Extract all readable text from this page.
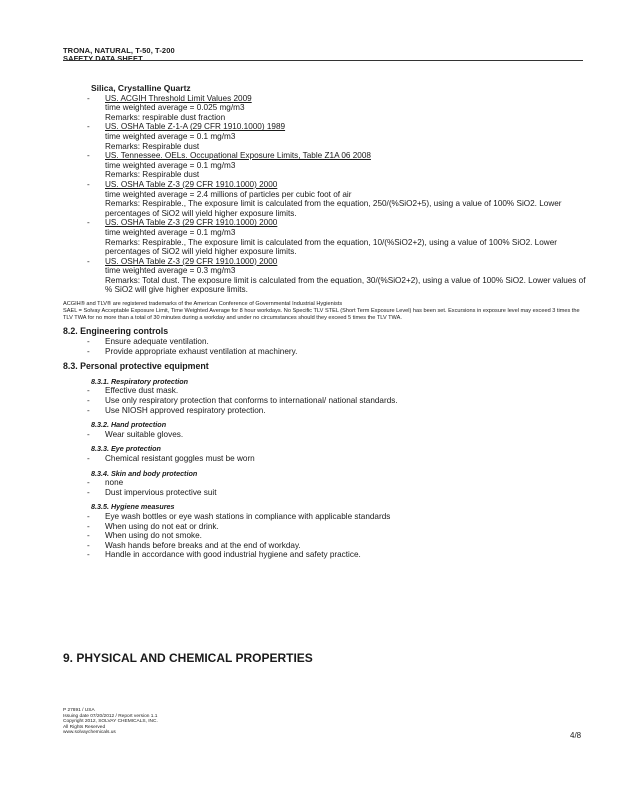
TRONA, NATURAL, T-50, T-200
SAFETY DATA SHEET
Silica, Crystalline Quartz
- US. ACGIH Threshold Limit Values 2009
time weighted average = 0.025 mg/m3
Remarks: respirable dust fraction
- US. OSHA Table Z-1-A (29 CFR 1910.1000) 1989
time weighted average = 0.1 mg/m3
Remarks: Respirable dust
- US. Tennessee. OELs. Occupational Exposure Limits, Table Z1A 06 2008
time weighted average = 0.1 mg/m3
Remarks: Respirable dust
- US. OSHA Table Z-3 (29 CFR 1910.1000) 2000
time weighted average = 2.4 millions of particles per cubic foot of air
Remarks: Respirable., The exposure limit is calculated from the equation, 250/(%SiO2+5), using a value of 100% SiO2. Lower percentages of SiO2 will yield higher exposure limits.
- US. OSHA Table Z-3 (29 CFR 1910.1000) 2000
time weighted average = 0.1 mg/m3
Remarks: Respirable., The exposure limit is calculated from the equation, 10/(%SiO2+2), using a value of 100% SiO2. Lower percentages of SiO2 will yield higher exposure limits.
- US. OSHA Table Z-3 (29 CFR 1910.1000) 2000
time weighted average = 0.3 mg/m3
Remarks: Total dust. The exposure limit is calculated from the equation, 30/(%SiO2+2), using a value of 100% SiO2. Lower values of % SiO2 will give higher exposure limits.
ACGIH® and TLV® are registered trademarks of the American Conference of Governmental Industrial Hygienists
SAEL = Solvay Acceptable Exposure Limit, Time Weighted Average for 8 hour workdays. No Specific TLV STEL (Short Term Exposure Level) has been set. Excursions in exposure level may exceed 3 times the TLV TWA for no more than a total of 30 minutes during a workday and under no circumstances should they exceed 5 times the TLV TWA.
8.2. Engineering controls
- Ensure adequate ventilation.
- Provide appropriate exhaust ventilation at machinery.
8.3. Personal protective equipment
8.3.1. Respiratory protection
- Effective dust mask.
- Use only respiratory protection that conforms to international/ national standards.
- Use NIOSH approved respiratory protection.
8.3.2. Hand protection
- Wear suitable gloves.
8.3.3. Eye protection
- Chemical resistant goggles must be worn
8.3.4. Skin and body protection
- none
- Dust impervious protective suit
8.3.5. Hygiene measures
- Eye wash bottles or eye wash stations in compliance with applicable standards
- When using do not eat or drink.
- When using do not smoke.
- Wash hands before breaks and at the end of workday.
- Handle in accordance with good industrial hygiene and safety practice.
9. PHYSICAL AND CHEMICAL PROPERTIES
P 27891 / USA
Issuing date 07/20/2012 / Report version 1.1
Copyright 2012, SOLVAY CHEMICALS, INC.
All Rights Reserved
www.solvaychemicals.us	4/8
